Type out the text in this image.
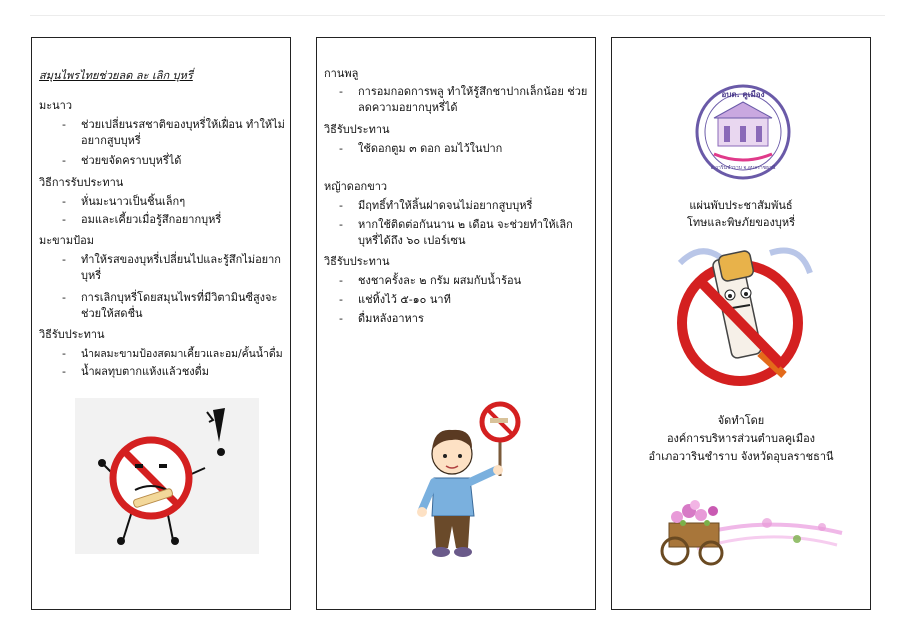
สมุนไพรไทยช่วยลด ละ เลิก บุหรี่
มะนาว
- ช่วยเปลี่ยนรสชาติของบุหรี่ให้เฝื่อน ทำให้ไม่อยากสูบบุหรี่
- ช่วยขจัดคราบบุหรี่ได้
วิธีการรับประทาน
- หั่นมะนาวเป็นชิ้นเล็กๆ
- อมและเคี้ยวเมื่อรู้สึกอยากบุหรี่
มะขามป้อม
- ทำให้รสของบุหรี่เปลี่ยนไปและรู้สึกไม่อยากบุหรี่
- การเลิกบุหรี่โดยสมุนไพรที่มีวิตามินซีสูงจะช่วยให้สดชื่น
วิธีรับประทาน
- นำผลมะขามป้องสดมาเคี้ยวและอม/คั้นน้ำดื่ม
- น้ำผลทุบตากแห้งแล้วชงดื่ม
กานพลู
- การอมกอดการพลู ทำให้รู้สึกชาปากเล็กน้อย ช่วยลดความอยากบุหรี่ได้
วิธีรับประทาน
- ใช้ดอกตูม ๓ ดอก อมไว้ในปาก
หญ้าดอกขาว
- มีฤทธิ์ทำให้ลิ้นฝาดจนไม่อยากสูบบุหรี่
- หากใช้ติดต่อกันนาน ๒ เดือน จะช่วยทำให้เลิกบุหรี่ได้ถึง ๖๐ เปอร์เซน
วิธีรับประทาน
- ชงชาครั้งละ ๒ กรัม ผสมกับน้ำร้อน
- แช่ทิ้งไว้ ๕-๑๐ นาที
- ดื่มหลังอาหาร
อบต. คูเมือง
อ.วารินชำราบ จ.อุบลราชธานี
แผ่นพับประชาสัมพันธ์
โทษและพิษภัยของบุหรี่
จัดทำโดย
องค์การบริหารส่วนตำบลคูเมือง
อำเภอวารินชำราบ จังหวัดอุบลราชธานี
